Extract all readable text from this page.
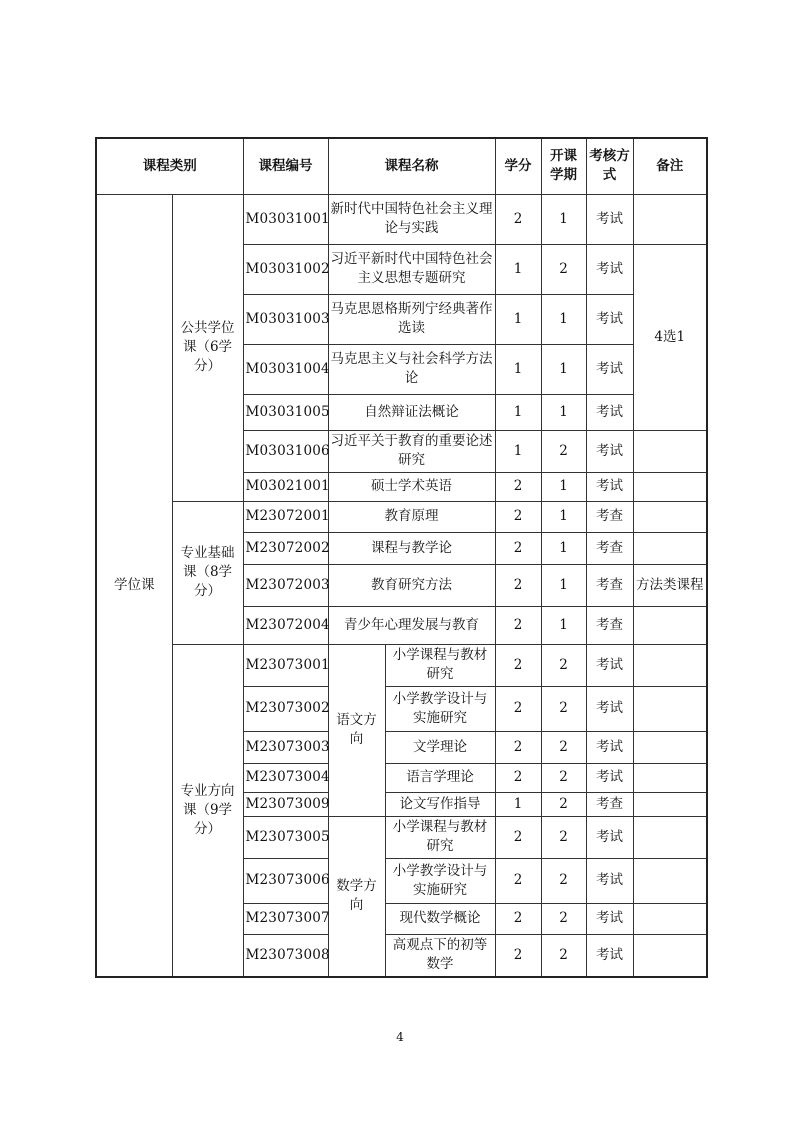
课程类别		课程编号	课程名称		学分	开课学期	考核方式	备注
学位课	公共学位课（6学分）	M03031001	新时代中国特色社会主义理论与实践		2	1	考试	
		M03031002	习近平新时代中国特色社会主义思想专题研究		1	2	考试	4选1
		M03031003	马克思恩格斯列宁经典著作选读		1	1	考试	
		M03031004	马克思主义与社会科学方法论		1	1	考试	
		M03031005	自然辩证法概论		1	1	考试	
		M03031006	习近平关于教育的重要论述研究		1	2	考试	
		M03021001	硕士学术英语		2	1	考试	
	专业基础课（8学分）	M23072001	教育原理		2	1	考查	
		M23072002	课程与教学论		2	1	考查	
		M23072003	教育研究方法		2	1	考查	方法类课程
		M23072004	青少年心理发展与教育		2	1	考查	
	专业方向课（9学分）	M23073001	语文方向	小学课程与教材研究	2	2	考试	
		M23073002		小学教学设计与实施研究	2	2	考试	
		M23073003		文学理论	2	2	考试	
		M23073004		语言学理论	2	2	考试	
		M23073009		论文写作指导	1	2	考查	
		M23073005	数学方向	小学课程与教材研究	2	2	考试	
		M23073006		小学教学设计与实施研究	2	2	考试	
		M23073007		现代数学概论	2	2	考试	
		M23073008		高观点下的初等数学	2	2	考试	
4
